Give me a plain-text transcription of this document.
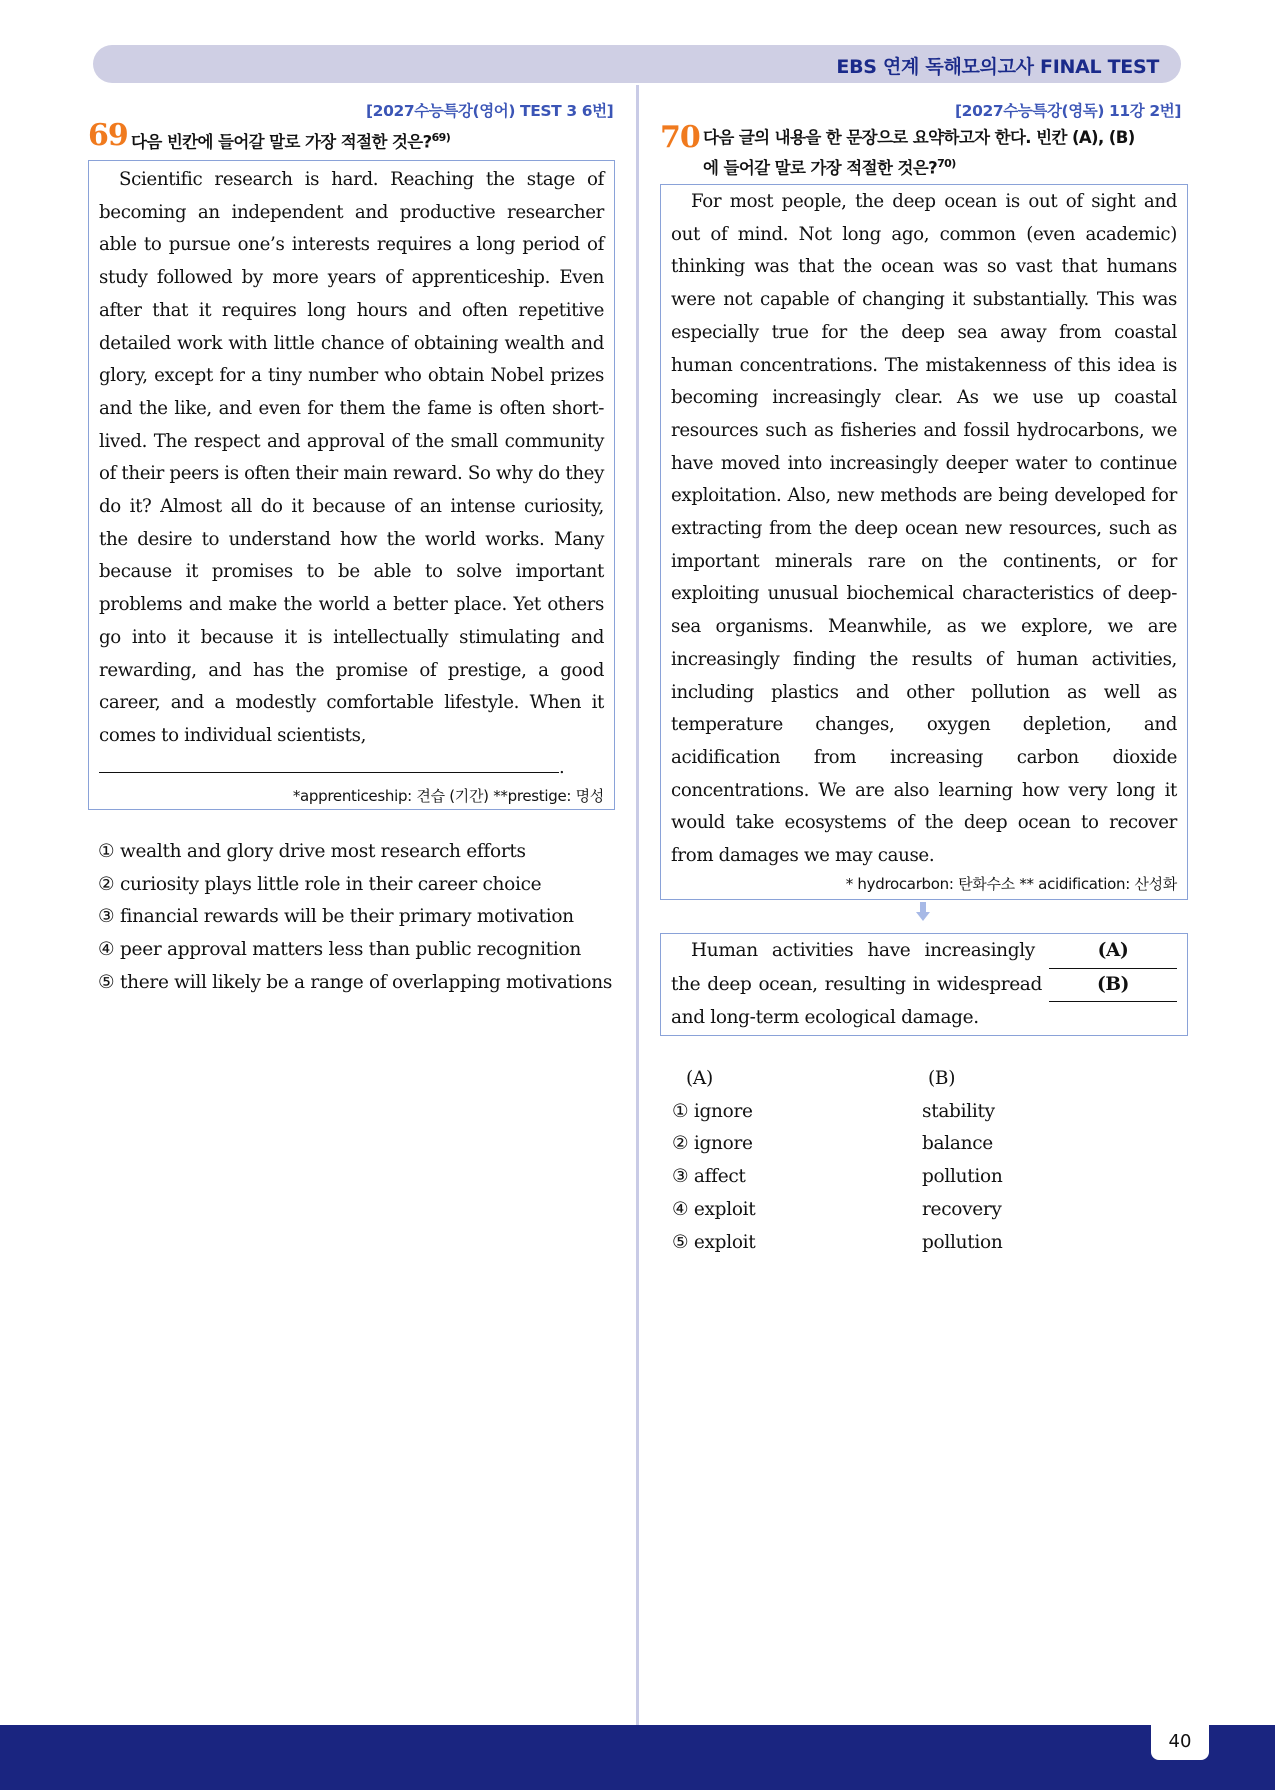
EBS 연계 독해모의고사 FINAL TEST
[2027수능특강(영어) TEST 3 6번]
69 다음 빈칸에 들어갈 말로 가장 적절한 것은?$^{69)}$

Scientific research is hard. Reaching the stage of becoming an independent and productive researcher able to pursue one’s interests requires a long period of study followed by more years of apprenticeship. Even after that it requires long hours and often repetitive detailed work with little chance of obtaining wealth and glory, except for a tiny number who obtain Nobel prizes and the like, and even for them the fame is often short-lived. The respect and approval of the small community of their peers is often their main reward. So why do they do it? Almost all do it because of an intense curiosity, the desire to understand how the world works. Many because it promises to be able to solve important problems and make the world a better place. Yet others go into it because it is intellectually stimulating and rewarding, and has the promise of prestige, a good career, and a modestly comfortable lifestyle. When it comes to individual scientists,

.
*apprenticeship: 견습 (기간) **prestige: 명성
① wealth and glory drive most research efforts
② curiosity plays little role in their career choice
③ financial rewards will be their primary motivation
④ peer approval matters less than public recognition
⑤ there will likely be a range of overlapping motivations
[2027수능특강(영독) 11강 2번]
70 다음 글의 내용을 한 문장으로 요약하고자 한다. 빈칸 (A), (B)
에 들어갈 말로 가장 적절한 것은?$^{70)}$

For most people, the deep ocean is out of sight and out of mind. Not long ago, common (even academic) thinking was that the ocean was so vast that humans were not capable of changing it substantially. This was especially true for the deep sea away from coastal human concentrations. The mistakenness of this idea is becoming increasingly clear. As we use up coastal resources such as fisheries and fossil hydrocarbons, we have moved into increasingly deeper water to continue exploitation. Also, new methods are being developed for extracting from the deep ocean new resources, such as important minerals rare on the continents, or for exploiting unusual biochemical characteristics of deep-sea organisms. Meanwhile, as we explore, we are increasingly finding the results of human activities, including plastics and other pollution as well as temperature changes, oxygen depletion, and acidification from increasing carbon dioxide concentrations. We are also learning how very long it would take ecosystems of the deep ocean to recover from damages we may cause.

* hydrocarbon: 탄화수소 ** acidification: 산성화

Human activities have increasingly	(A) the deep ocean, resulting in widespread	(B) and long-term ecological damage.

(A)	(B)
① ignore	stability
② ignore	balance
③ affect	pollution
④ exploit	recovery
⑤ exploit	pollution
40
